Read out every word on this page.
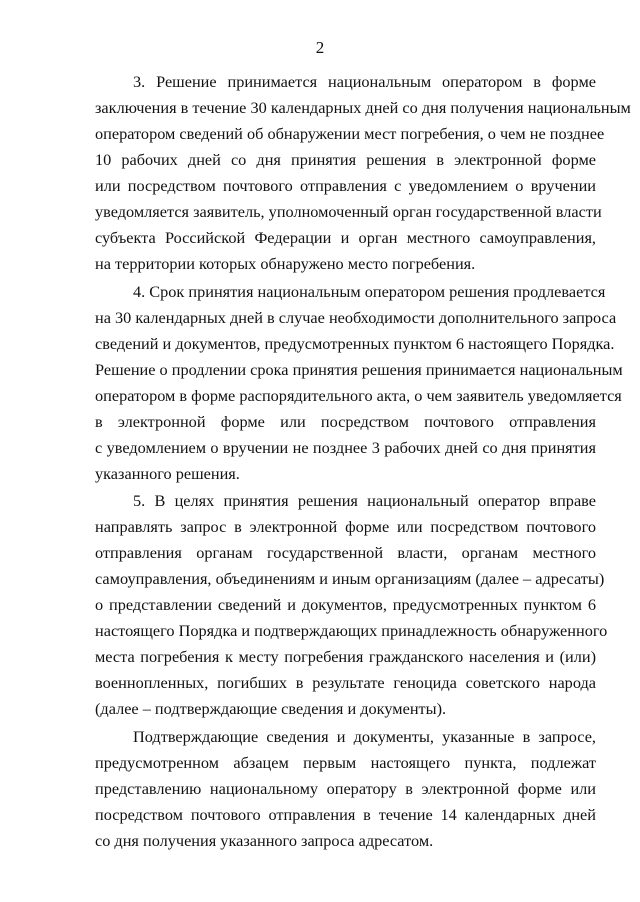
2
3. Решение принимается национальным оператором в форме
заключения в течение 30 календарных дней со дня получения национальным
оператором сведений об обнаружении мест погребения, о чем не позднее
10 рабочих дней со дня принятия решения в электронной форме
или посредством почтового отправления с уведомлением о вручении
уведомляется заявитель, уполномоченный орган государственной власти
субъекта Российской Федерации и орган местного самоуправления,
на территории которых обнаружено место погребения.
4. Срок принятия национальным оператором решения продлевается
на 30 календарных дней в случае необходимости дополнительного запроса
сведений и документов, предусмотренных пунктом 6 настоящего Порядка.
Решение о продлении срока принятия решения принимается национальным
оператором в форме распорядительного акта, о чем заявитель уведомляется
в электронной форме или посредством почтового отправления
с уведомлением о вручении не позднее 3 рабочих дней со дня принятия
указанного решения.
5. В целях принятия решения национальный оператор вправе
направлять запрос в электронной форме или посредством почтового
отправления органам государственной власти, органам местного
самоуправления, объединениям и иным организациям (далее – адресаты)
о представлении сведений и документов, предусмотренных пунктом 6
настоящего Порядка и подтверждающих принадлежность обнаруженного
места погребения к месту погребения гражданского населения и (или)
военнопленных, погибших в результате геноцида советского народа
(далее – подтверждающие сведения и документы).
Подтверждающие сведения и документы, указанные в запросе,
предусмотренном абзацем первым настоящего пункта, подлежат
представлению национальному оператору в электронной форме или
посредством почтового отправления в течение 14 календарных дней
со дня получения указанного запроса адресатом.
